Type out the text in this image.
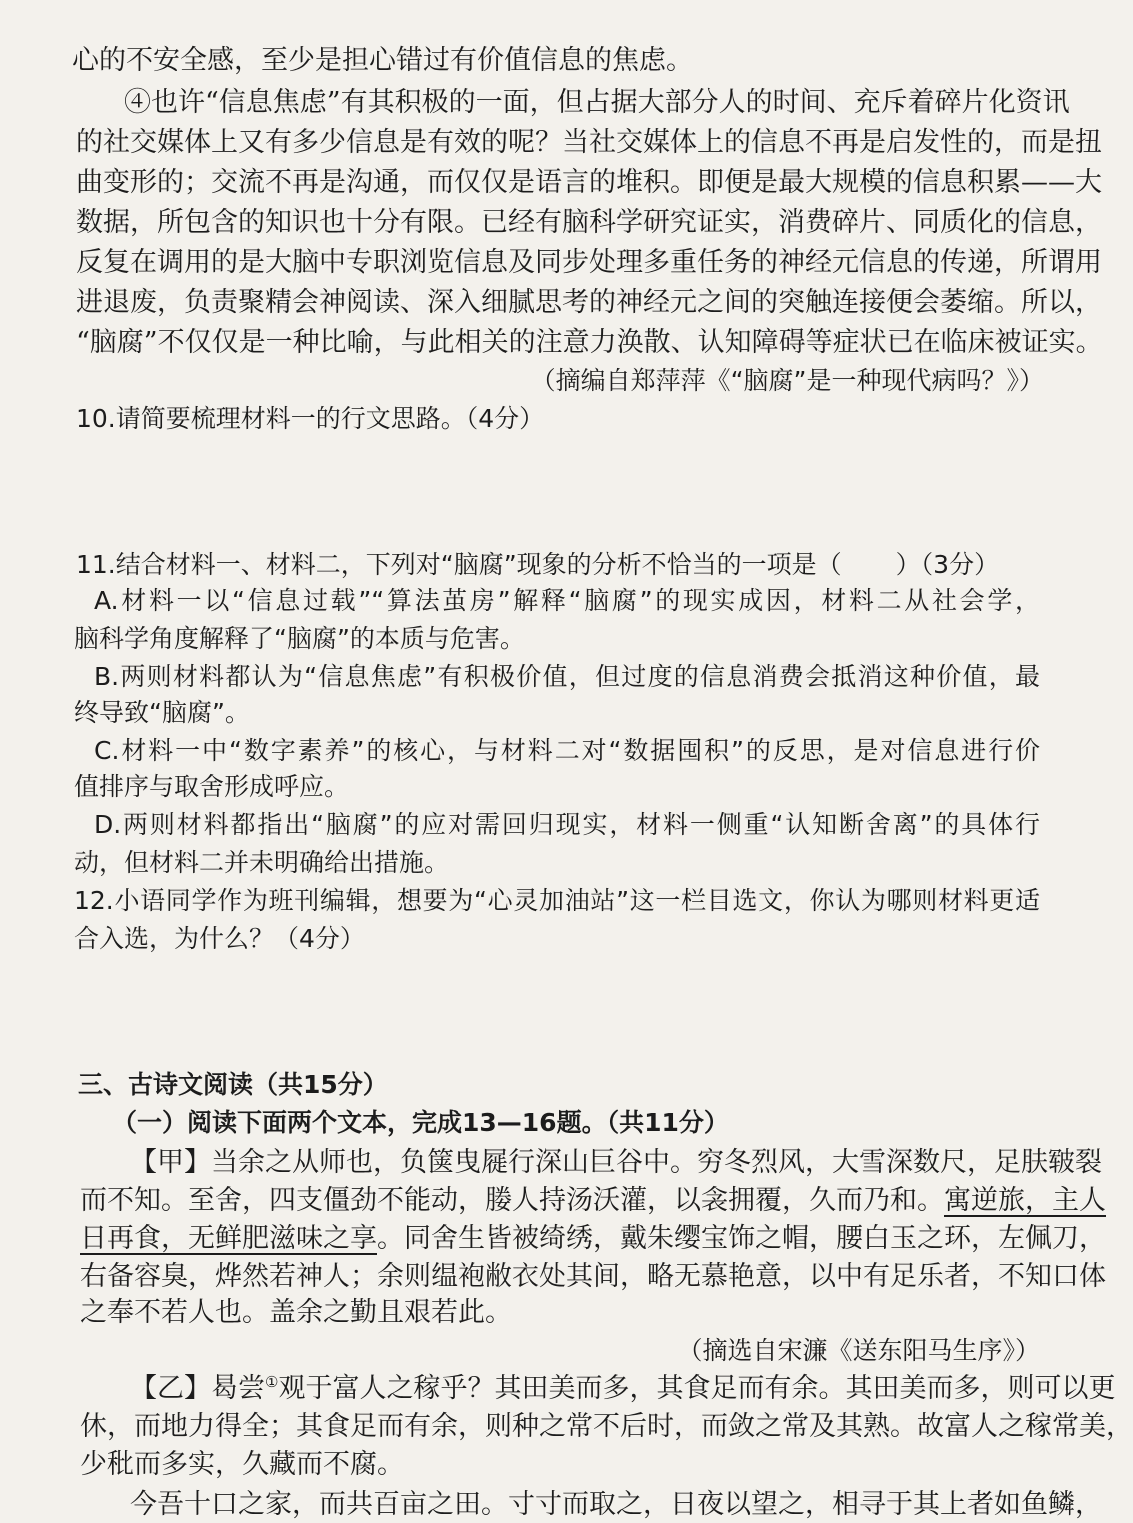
心的不安全感，至少是担心错过有价值信息的焦虑。
④也许“信息焦虑”有其积极的一面，但占据大部分人的时间、充斥着碎片化资讯
的社交媒体上又有多少信息是有效的呢？当社交媒体上的信息不再是启发性的，而是扭
曲变形的；交流不再是沟通，而仅仅是语言的堆积。即便是最大规模的信息积累——大
数据，所包含的知识也十分有限。已经有脑科学研究证实，消费碎片、同质化的信息，
反复在调用的是大脑中专职浏览信息及同步处理多重任务的神经元信息的传递，所谓用
进退废，负责聚精会神阅读、深入细腻思考的神经元之间的突触连接便会萎缩。所以，
“脑腐”不仅仅是一种比喻，与此相关的注意力涣散、认知障碍等症状已在临床被证实。
（摘编自郑萍萍《“脑腐”是一种现代病吗？》）
10.请简要梳理材料一的行文思路。（4分）
11.结合材料一、材料二，下列对“脑腐”现象的分析不恰当的一项是（ ）（3分）
A.材料一以“信息过载”“算法茧房”解释“脑腐”的现实成因，材料二从社会学，
脑科学角度解释了“脑腐”的本质与危害。
B.两则材料都认为“信息焦虑”有积极价值，但过度的信息消费会抵消这种价值，最
终导致“脑腐”。
C.材料一中“数字素养”的核心，与材料二对“数据囤积”的反思，是对信息进行价
值排序与取舍形成呼应。
D.两则材料都指出“脑腐”的应对需回归现实，材料一侧重“认知断舍离”的具体行
动，但材料二并未明确给出措施。
12.小语同学作为班刊编辑，想要为“心灵加油站”这一栏目选文，你认为哪则材料更适
合入选，为什么？（4分）
三、古诗文阅读（共15分）
（一）阅读下面两个文本，完成13—16题。（共11分）
【甲】当余之从师也，负箧曳屣行深山巨谷中。穷冬烈风，大雪深数尺，足肤皲裂
而不知。至舍，四支僵劲不能动，媵人持汤沃灌，以衾拥覆，久而乃和。寓逆旅，主人
日再食，无鲜肥滋味之享。同舍生皆被绮绣，戴朱缨宝饰之帽，腰白玉之环，左佩刀，
右备容臭，烨然若神人；余则缊袍敝衣处其间，略无慕艳意，以中有足乐者，不知口体
之奉不若人也。盖余之勤且艰若此。
（摘选自宋濂《送东阳马生序》）
【乙】曷尝①观于富人之稼乎？其田美而多，其食足而有余。其田美而多，则可以更
休，而地力得全；其食足而有余，则种之常不后时，而敛之常及其熟。故富人之稼常美，
少秕而多实，久藏而不腐。
今吾十口之家，而共百亩之田。寸寸而取之，日夜以望之，相寻于其上者如鱼鳞，
